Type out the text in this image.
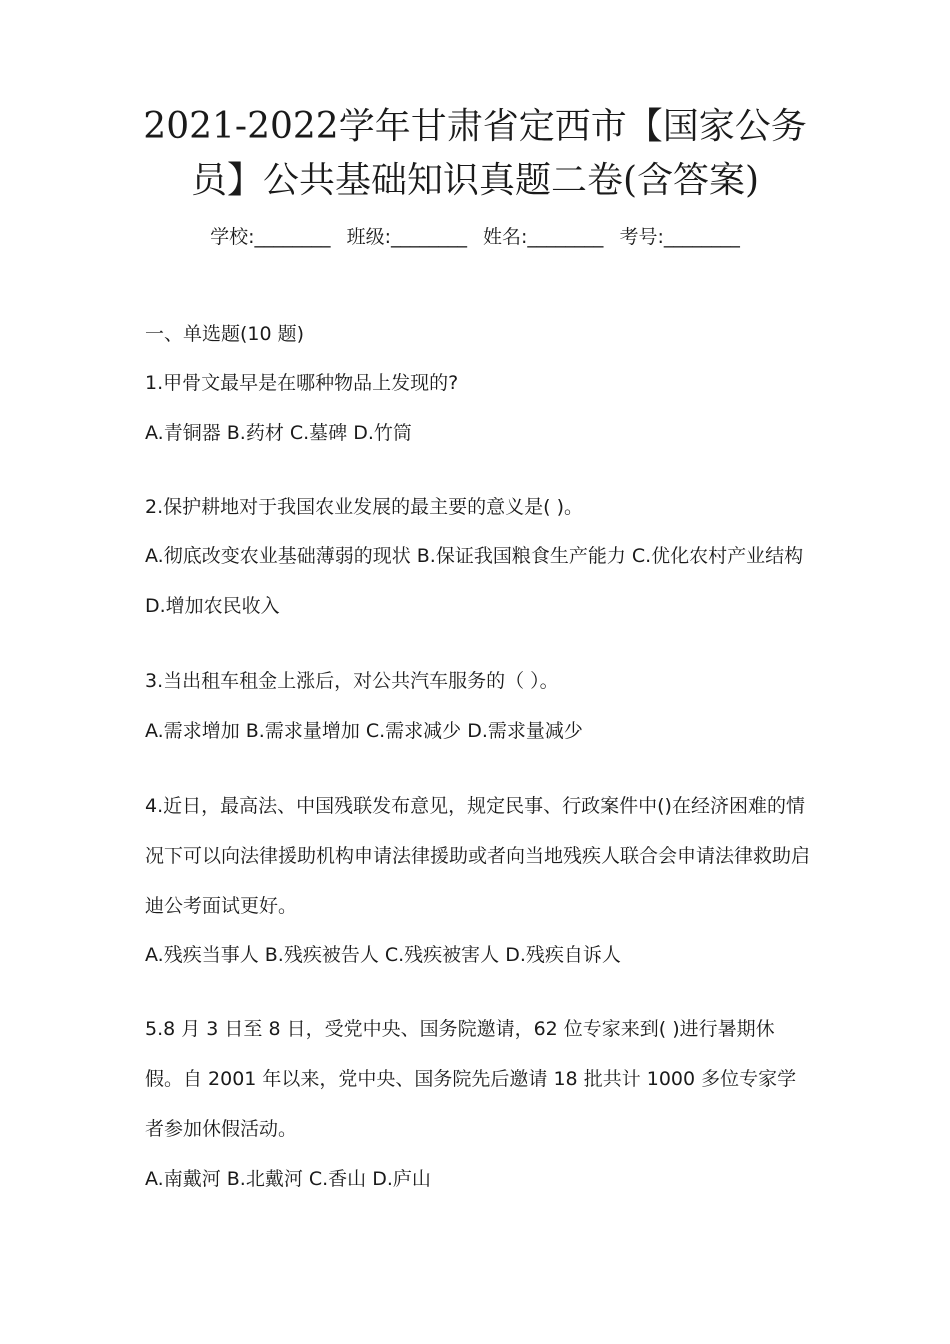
2021-2022学年甘肃省定西市【国家公务
员】公共基础知识真题二卷(含答案)
学校:________ 班级:________ 姓名:________ 考号:________
一、单选题(10 题)
1.甲骨文最早是在哪种物品上发现的?
A.青铜器 B.药材 C.墓碑 D.竹筒
2.保护耕地对于我国农业发展的最主要的意义是( )。
A.彻底改变农业基础薄弱的现状 B.保证我国粮食生产能力 C.优化农村产业结构 D.增加农民收入
3.当出租车租金上涨后，对公共汽车服务的（ ）。
A.需求增加 B.需求量增加 C.需求减少 D.需求量减少
4.近日，最高法、中国残联发布意见，规定民事、行政案件中()在经济困难的情况下可以向法律援助机构申请法律援助或者向当地残疾人联合会申请法律救助启迪公考面试更好。
A.残疾当事人 B.残疾被告人 C.残疾被害人 D.残疾自诉人
5.8 月 3 日至 8 日，受党中央、国务院邀请，62 位专家来到( )进行暑期休假。自 2001 年以来，党中央、国务院先后邀请 18 批共计 1000 多位专家学者参加休假活动。
A.南戴河 B.北戴河 C.香山 D.庐山
